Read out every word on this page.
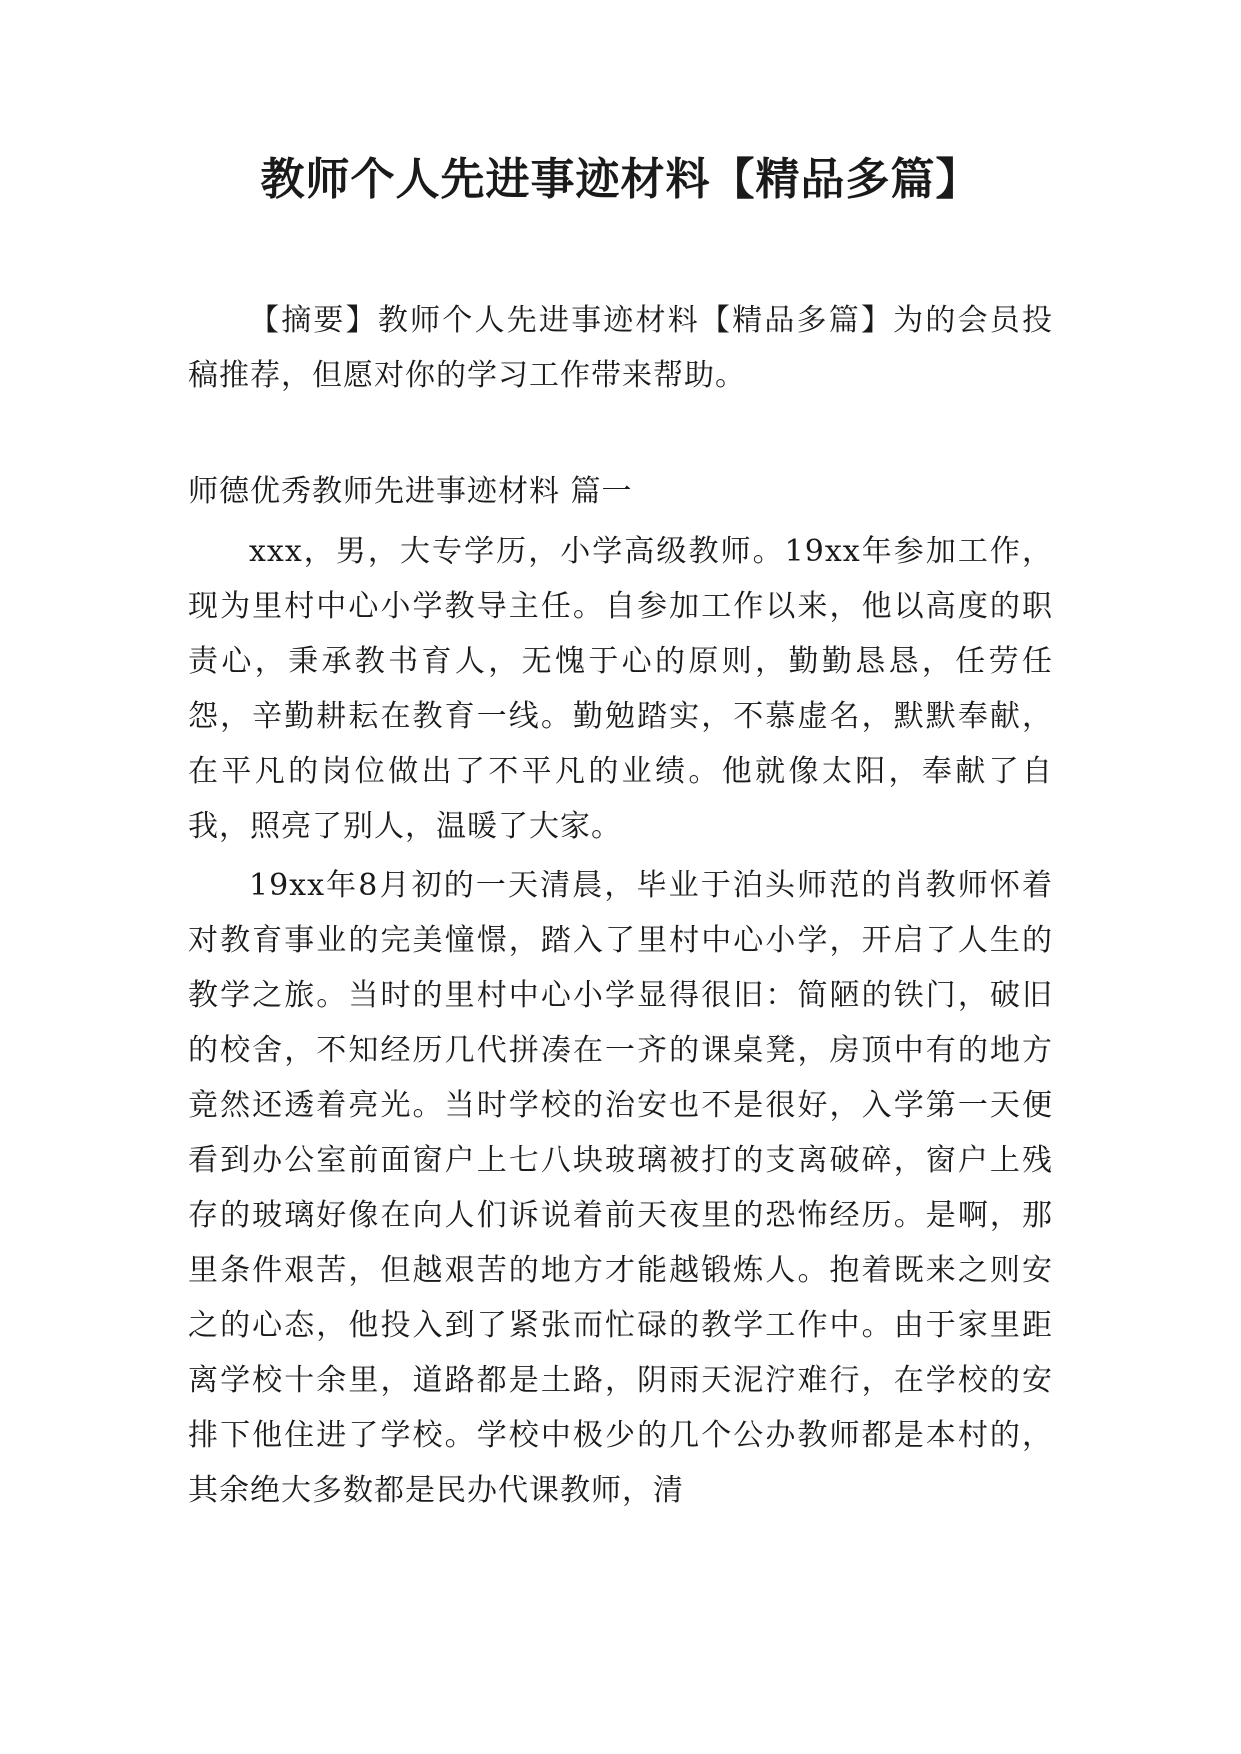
教师个人先进事迹材料【精品多篇】

【摘要】教师个人先进事迹材料【精品多篇】为的会员投稿推荐，但愿对你的学习工作带来帮助。

师德优秀教师先进事迹材料 篇一

xxx，男，大专学历，小学高级教师。19xx年参加工作，现为里村中心小学教导主任。自参加工作以来，他以高度的职责心，秉承教书育人，无愧于心的原则，勤勤恳恳，任劳任怨，辛勤耕耘在教育一线。勤勉踏实，不慕虚名，默默奉献，在平凡的岗位做出了不平凡的业绩。他就像太阳，奉献了自我，照亮了别人，温暖了大家。

19xx年8月初的一天清晨，毕业于泊头师范的肖教师怀着对教育事业的完美憧憬，踏入了里村中心小学，开启了人生的教学之旅。当时的里村中心小学显得很旧：简陋的铁门，破旧的校舍，不知经历几代拼凑在一齐的课桌凳，房顶中有的地方竟然还透着亮光。当时学校的治安也不是很好，入学第一天便看到办公室前面窗户上七八块玻璃被打的支离破碎，窗户上残存的玻璃好像在向人们诉说着前天夜里的恐怖经历。是啊，那里条件艰苦，但越艰苦的地方才能越锻炼人。抱着既来之则安之的心态，他投入到了紧张而忙碌的教学工作中。由于家里距离学校十余里，道路都是土路，阴雨天泥泞难行，在学校的安排下他住进了学校。学校中极少的几个公办教师都是本村的，其余绝大多数都是民办代课教师，清
